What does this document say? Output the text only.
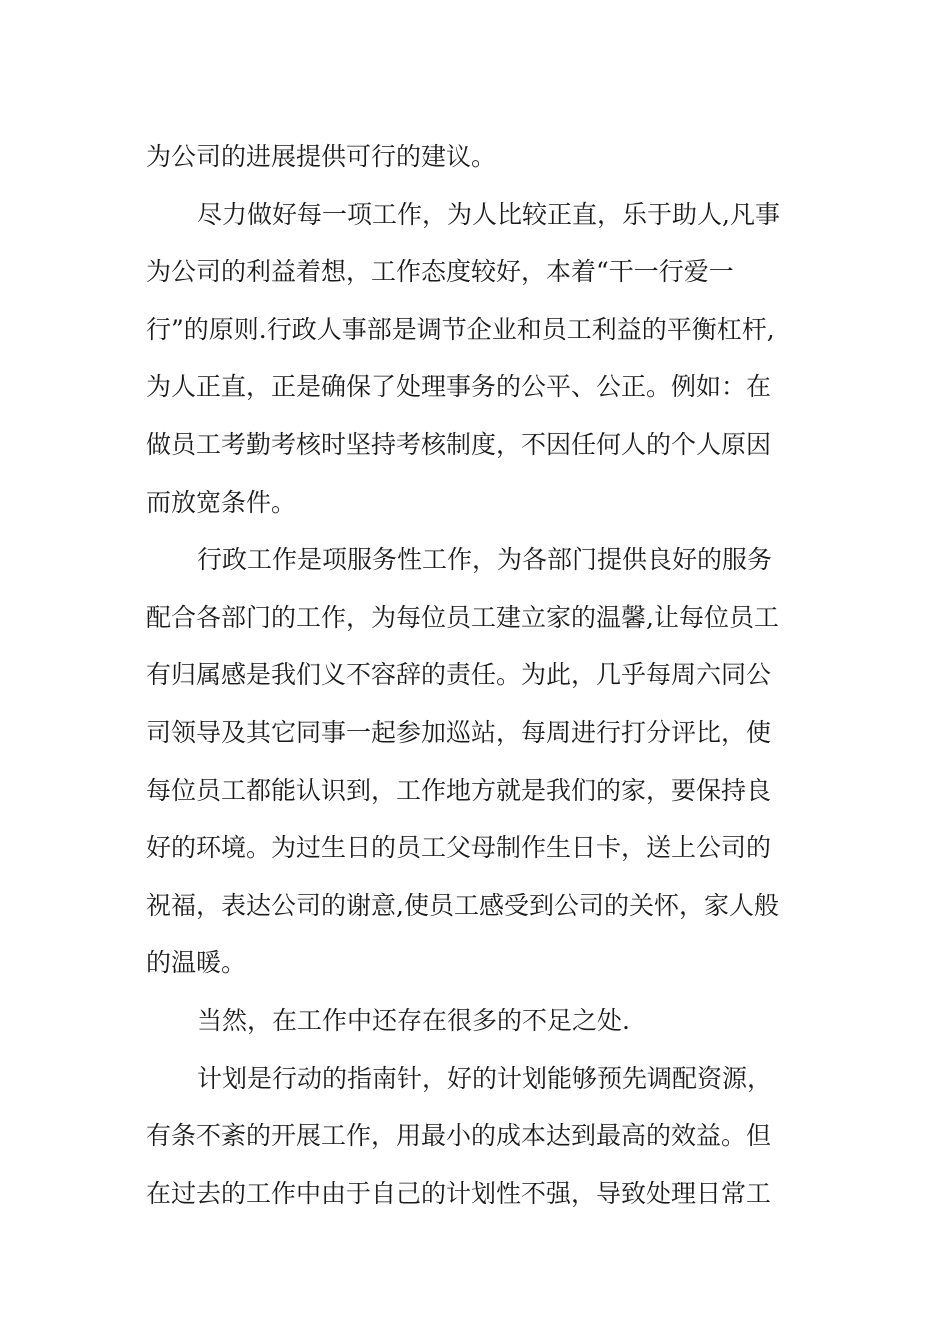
为公司的进展提供可行的建议。
尽力做好每一项工作，为人比较正直，乐于助人,凡事
为公司的利益着想，工作态度较好，本着“干一行爱一
行”的原则.行政人事部是调节企业和员工利益的平衡杠杆,
为人正直，正是确保了处理事务的公平、公正。例如：在
做员工考勤考核时坚持考核制度，不因任何人的个人原因
而放宽条件。
行政工作是项服务性工作，为各部门提供良好的服务
配合各部门的工作，为每位员工建立家的温馨,让每位员工
有归属感是我们义不容辞的责任。为此，几乎每周六同公
司领导及其它同事一起参加巡站，每周进行打分评比，使
每位员工都能认识到，工作地方就是我们的家，要保持良
好的环境。为过生日的员工父母制作生日卡，送上公司的
祝福，表达公司的谢意,使员工感受到公司的关怀，家人般
的温暖。
当然，在工作中还存在很多的不足之处.
计划是行动的指南针，好的计划能够预先调配资源，
有条不紊的开展工作，用最小的成本达到最高的效益。但
在过去的工作中由于自己的计划性不强，导致处理日常工
